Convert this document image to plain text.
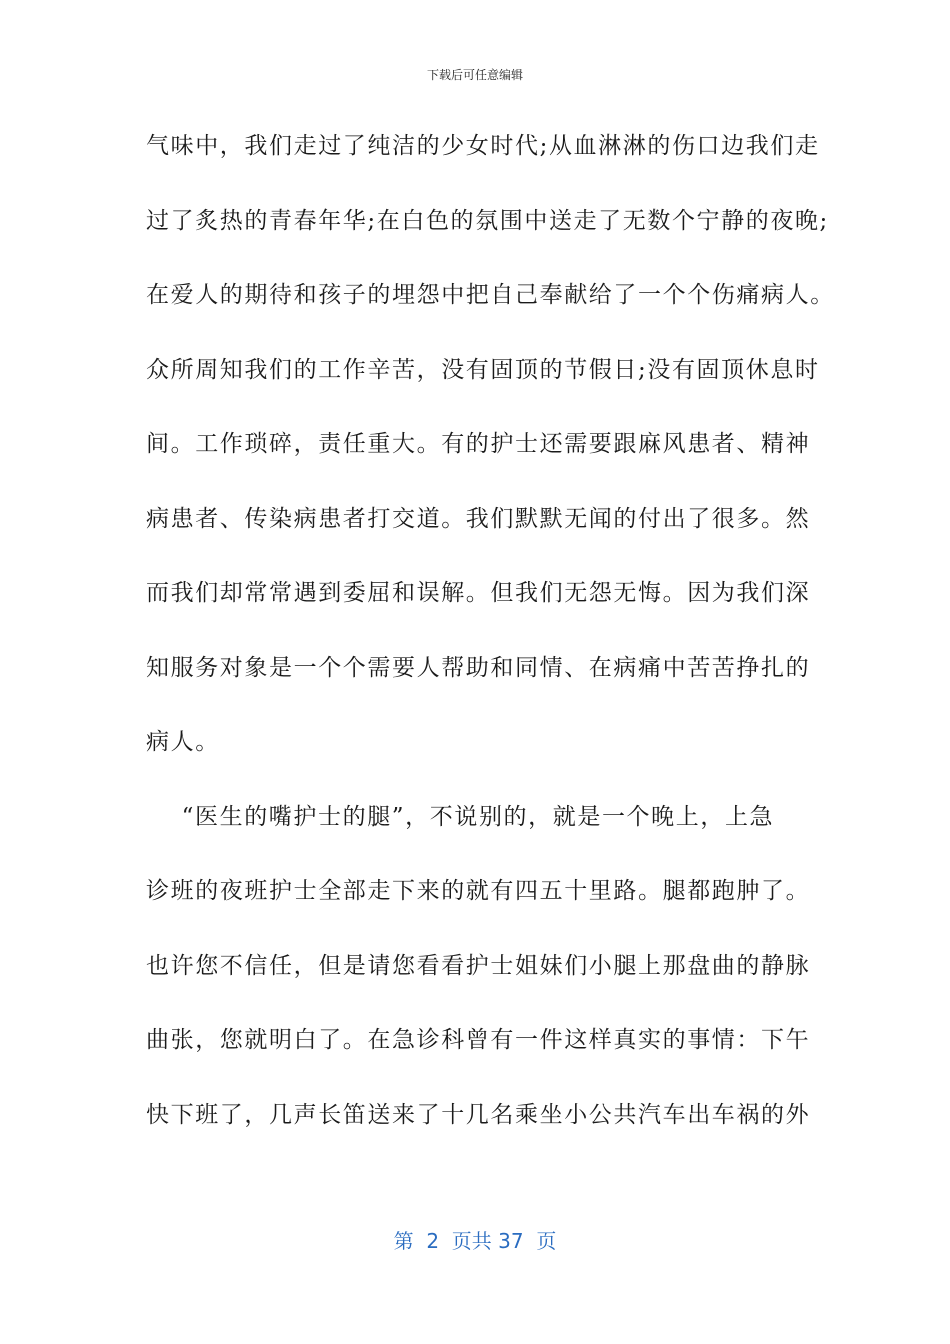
下载后可任意编辑
气味中，我们走过了纯洁的少女时代;从血淋淋的伤口边我们走
过了炙热的青春年华;在白色的氛围中送走了无数个宁静的夜晚;
在爱人的期待和孩子的埋怨中把自己奉献给了一个个伤痛病人。
众所周知我们的工作辛苦，没有固顶的节假日;没有固顶休息时
间。工作琐碎，责任重大。有的护士还需要跟麻风患者、精神
病患者、传染病患者打交道。我们默默无闻的付出了很多。然
而我们却常常遇到委屈和误解。但我们无怨无悔。因为我们深
知服务对象是一个个需要人帮助和同情、在病痛中苦苦挣扎的
病人。
“医生的嘴护士的腿”，不说别的，就是一个晚上，上急
诊班的夜班护士全部走下来的就有四五十里路。腿都跑肿了。
也许您不信任，但是请您看看护士姐妹们小腿上那盘曲的静脉
曲张，您就明白了。在急诊科曾有一件这样真实的事情：下午
快下班了，几声长笛送来了十几名乘坐小公共汽车出车祸的外
第  2  页共 37  页
